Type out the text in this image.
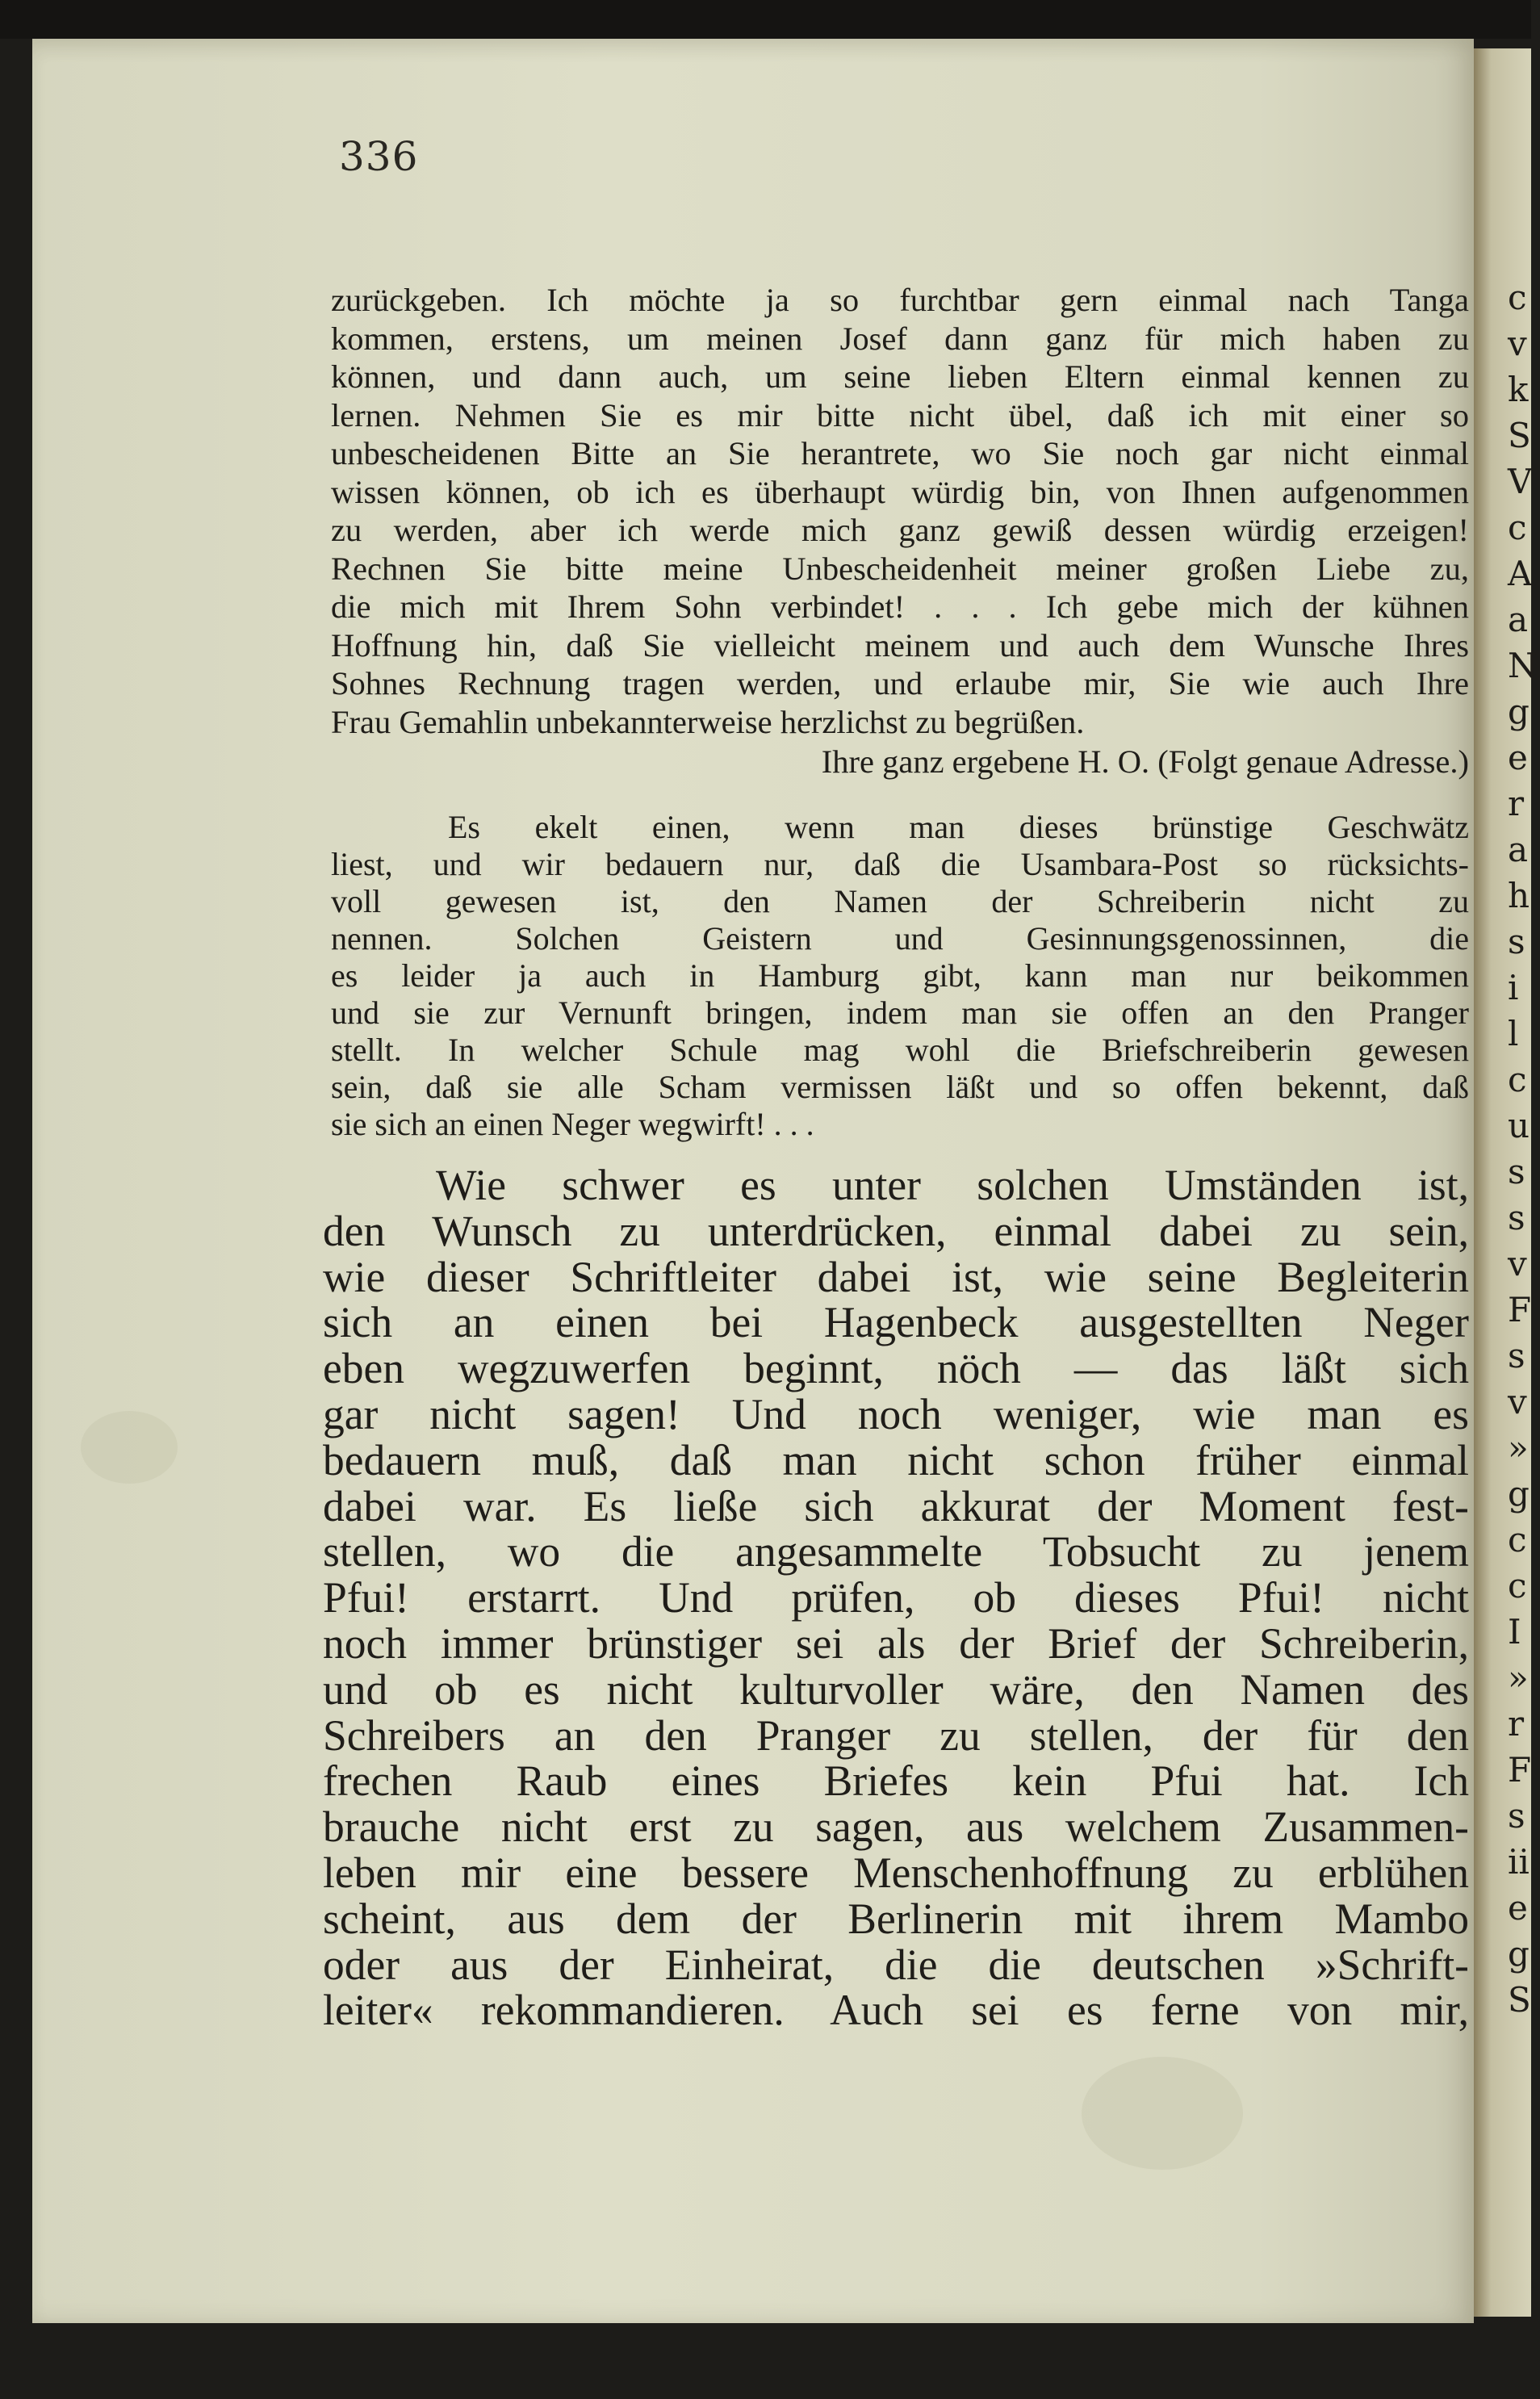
c
v
k
S
V
c
A
a
N
g
e
r
a
h
s
i
l
c
u
s
s
v
F
s
v
»
g
c
c
I
»
r
F
s
ii
e
g
S
336
zurückgeben. Ich möchte ja so furchtbar gern einmal nach Tanga
kommen, erstens, um meinen Josef dann ganz für mich haben zu
können, und dann auch, um seine lieben Eltern einmal kennen zu
lernen. Nehmen Sie es mir bitte nicht übel, daß ich mit einer so
unbescheidenen Bitte an Sie herantrete, wo Sie noch gar nicht einmal
wissen können, ob ich es überhaupt würdig bin, von Ihnen aufgenommen
zu werden, aber ich werde mich ganz gewiß dessen würdig erzeigen!
Rechnen Sie bitte meine Unbescheidenheit meiner großen Liebe zu,
die mich mit Ihrem Sohn verbindet! . . . Ich gebe mich der kühnen
Hoffnung hin, daß Sie vielleicht meinem und auch dem Wunsche Ihres
Sohnes Rechnung tragen werden, und erlaube mir, Sie wie auch Ihre
Frau Gemahlin unbekannterweise herzlichst zu begrüßen.
Ihre ganz ergebene H. O. (Folgt genaue Adresse.)
Es ekelt einen, wenn man dieses brünstige Geschwätz
liest, und wir bedauern nur, daß die Usambara-Post so rücksichts-
voll gewesen ist, den Namen der Schreiberin nicht zu
nennen. Solchen Geistern und Gesinnungsgenossinnen, die
es leider ja auch in Hamburg gibt, kann man nur beikommen
und sie zur Vernunft bringen, indem man sie offen an den Pranger
stellt. In welcher Schule mag wohl die Briefschreiberin gewesen
sein, daß sie alle Scham vermissen läßt und so offen bekennt, daß
sie sich an einen Neger wegwirft! . . .
Wie schwer es unter solchen Umständen ist,
den Wunsch zu unterdrücken, einmal dabei zu sein,
wie dieser Schriftleiter dabei ist, wie seine Begleiterin
sich an einen bei Hagenbeck ausgestellten Neger
eben wegzuwerfen beginnt, nöch — das läßt sich
gar nicht sagen! Und noch weniger, wie man es
bedauern muß, daß man nicht schon früher einmal
dabei war. Es ließe sich akkurat der Moment fest-
stellen, wo die angesammelte Tobsucht zu jenem
Pfui! erstarrt. Und prüfen, ob dieses Pfui! nicht
noch immer brünstiger sei als der Brief der Schreiberin,
und ob es nicht kulturvoller wäre, den Namen des
Schreibers an den Pranger zu stellen, der für den
frechen Raub eines Briefes kein Pfui hat. Ich
brauche nicht erst zu sagen, aus welchem Zusammen-
leben mir eine bessere Menschenhoffnung zu erblühen
scheint, aus dem der Berlinerin mit ihrem Mambo
oder aus der Einheirat, die die deutschen »Schrift-
leiter« rekommandieren. Auch sei es ferne von mir,
